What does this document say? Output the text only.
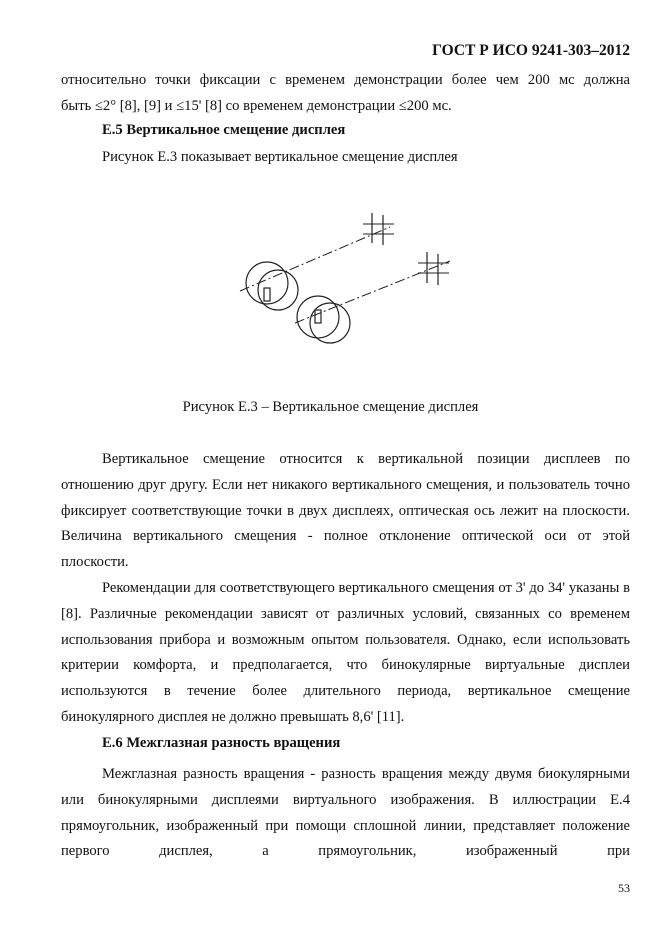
ГОСТ Р ИСО 9241-303–2012

относительно точки фиксации с временем демонстрации более чем 200 мс должна

быть ≤2° [8], [9] и ≤15' [8] со временем демонстрации ≤200 мс.

Е.5 Вертикальное смещение дисплея
Рисунок Е.3 показывает вертикальное смещение дисплея
Рисунок Е.3 – Вертикальное смещение дисплея

Вертикальное смещение относится к вертикальной позиции дисплеев по отношению друг другу. Если нет никакого вертикального смещения, и пользователь точно фиксирует соответствующие точки в двух дисплеях, оптическая ось лежит на плоскости. Величина вертикального смещения - полное отклонение оптической оси от этой плоскости.

Рекомендации для соответствующего вертикального смещения от 3' до 34' указаны в [8]. Различные рекомендации зависят от различных условий, связанных со временем использования прибора и возможным опытом пользователя. Однако, если использовать критерии комфорта, и предполагается, что бинокулярные виртуальные дисплеи используются в течение более длительного периода, вертикальное смещение бинокулярного дисплея не должно превышать 8,6' [11].

Е.6 Межглазная разность вращения

Межглазная разность вращения - разность вращения между двумя биокулярными или бинокулярными дисплеями виртуального изображения. В иллюстрации Е.4 прямоугольник, изображенный при помощи сплошной линии, представляет положение первого дисплея, а прямоугольник, изображенный при

53
